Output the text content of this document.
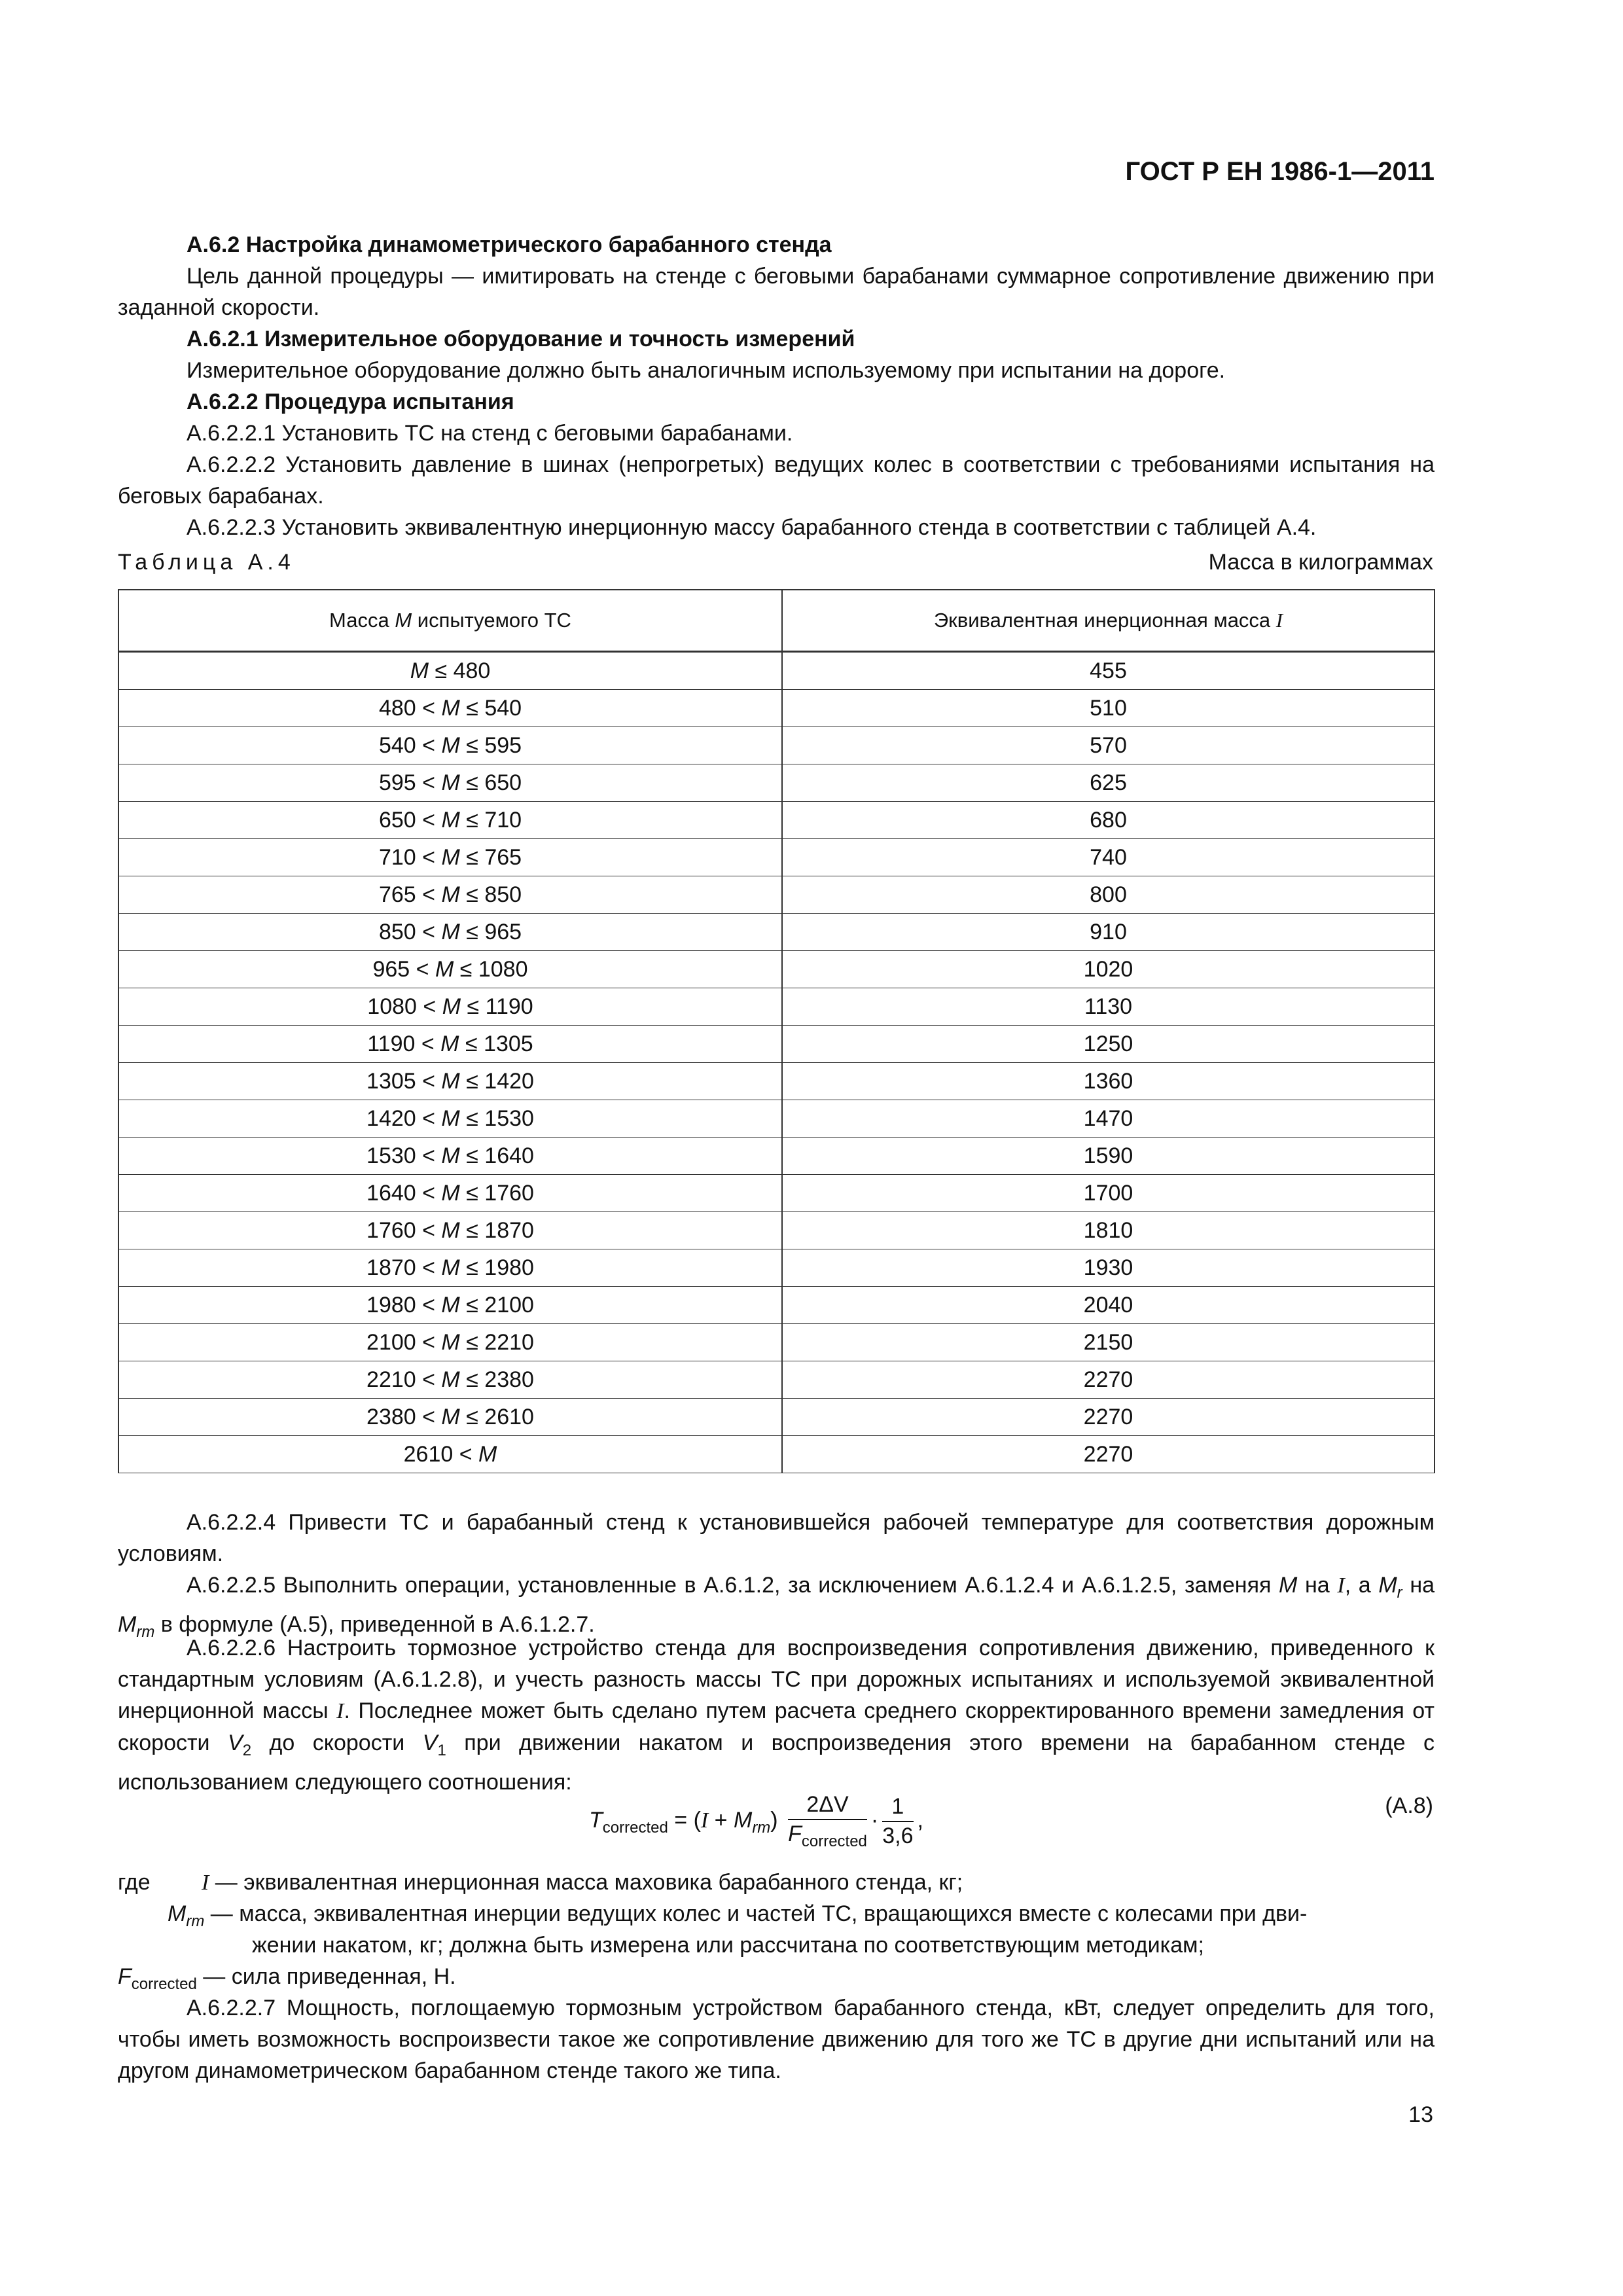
ГОСТ Р ЕН 1986-1—2011

А.6.2 Настройка динамометрического барабанного стенда

Цель данной процедуры — имитировать на стенде с беговыми барабанами суммарное сопротивление движению при заданной скорости.

А.6.2.1 Измерительное оборудование и точность измерений

Измерительное оборудование должно быть аналогичным используемому при испытании на дороге.

А.6.2.2 Процедура испытания

А.6.2.2.1 Установить ТС на стенд с беговыми барабанами.

А.6.2.2.2 Установить давление в шинах (непрогретых) ведущих колес в соответствии с требованиями испытания на беговых барабанах.

А.6.2.2.3 Установить эквивалентную инерционную массу барабанного стенда в соответствии с таблицей А.4.

Таблица А.4	Масса в килограммах
Масса M испытуемого ТС	Эквивалентная инерционная масса I
M ≤ 480	455
480 < M ≤ 540	510
540 < M ≤ 595	570
595 < M ≤ 650	625
650 < M ≤ 710	680
710 < M ≤ 765	740
765 < M ≤ 850	800
850 < M ≤ 965	910
965 < M ≤ 1080	1020
1080 < M ≤ 1190	1130
1190 < M ≤ 1305	1250
1305 < M ≤ 1420	1360
1420 < M ≤ 1530	1470
1530 < M ≤ 1640	1590
1640 < M ≤ 1760	1700
1760 < M ≤ 1870	1810
1870 < M ≤ 1980	1930
1980 < M ≤ 2100	2040
2100 < M ≤ 2210	2150
2210 < M ≤ 2380	2270
2380 < M ≤ 2610	2270
2610 < M	2270

А.6.2.2.4 Привести ТС и барабанный стенд к установившейся рабочей температуре для соответствия дорожным условиям.

А.6.2.2.5 Выполнить операции, установленные в А.6.1.2, за исключением А.6.1.2.4 и А.6.1.2.5, заменяя M на I, а $M_r$ на $M_{rm}$ в формуле (А.5), приведенной в А.6.1.2.7.

А.6.2.2.6 Настроить тормозное устройство стенда для воспроизведения сопротивления движению, приведенного к стандартным условиям (А.6.1.2.8), и учесть разность массы ТС при дорожных испытаниях и используемой эквивалентной инерционной массы I. Последнее может быть сделано путем расчета среднего скорректированного времени замедления от скорости $V_2$ до скорости $V_1$ при движении накатом и воспроизведения этого времени на барабанном стенде с использованием следующего соотношения:

$T_{corrected} = (I + M_{rm}) \frac{2\Delta V}{F_{corrected}} \cdot \frac{1}{3,6}$ ,
(А.8)
где I — эквивалентная инерционная масса маховика барабанного стенда, кг;
$M_{rm}$ — масса, эквивалентная инерции ведущих колес и частей ТС, вращающихся вместе с колесами при дви-
жении накатом, кг; должна быть измерена или рассчитана по соответствующим методикам;
$F_{corrected}$ — сила приведенная, Н.

А.6.2.2.7 Мощность, поглощаемую тормозным устройством барабанного стенда, кВт, следует определить для того, чтобы иметь возможность воспроизвести такое же сопротивление движению для того же ТС в другие дни испытаний или на другом динамометрическом барабанном стенде такого же типа.

13
